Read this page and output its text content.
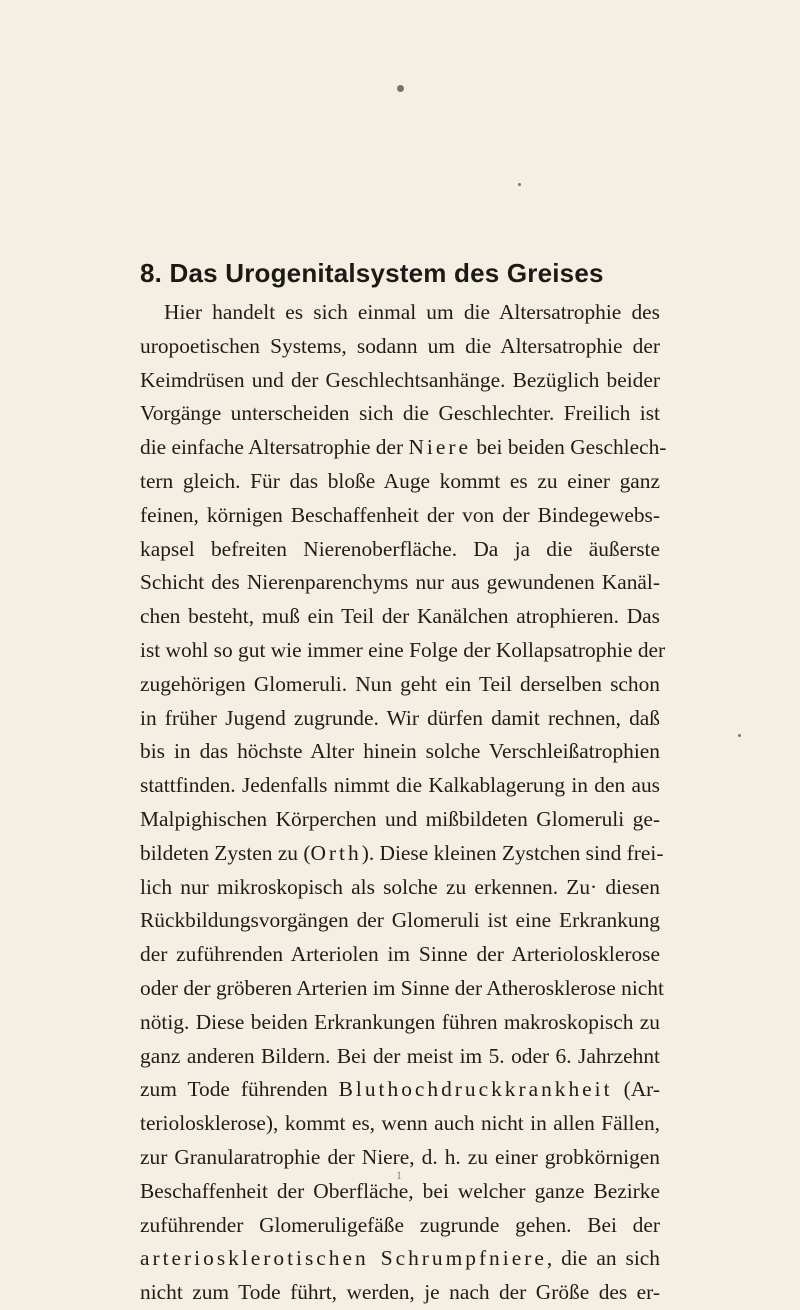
8. Das Urogenitalsystem des Greises
Hier handelt es sich einmal um die Altersatrophie des
uropoetischen Systems, sodann um die Altersatrophie der
Keimdrüsen und der Geschlechtsanhänge. Bezüglich beider
Vorgänge unterscheiden sich die Geschlechter. Freilich ist
die einfache Altersatrophie der Niere bei beiden Geschlech-
tern gleich. Für das bloße Auge kommt es zu einer ganz
feinen, körnigen Beschaffenheit der von der Bindegewebs-
kapsel befreiten Nierenoberfläche. Da ja die äußerste
Schicht des Nierenparenchyms nur aus gewundenen Kanäl-
chen besteht, muß ein Teil der Kanälchen atrophieren. Das
ist wohl so gut wie immer eine Folge der Kollapsatrophie der
zugehörigen Glomeruli. Nun geht ein Teil derselben schon
in früher Jugend zugrunde. Wir dürfen damit rechnen, daß
bis in das höchste Alter hinein solche Verschleißatrophien
stattfinden. Jedenfalls nimmt die Kalkablagerung in den aus
Malpighischen Körperchen und mißbildeten Glomeruli ge-
bildeten Zysten zu (Orth). Diese kleinen Zystchen sind frei-
lich nur mikroskopisch als solche zu erkennen. Zu· diesen
Rückbildungsvorgängen der Glomeruli ist eine Erkrankung
der zuführenden Arteriolen im Sinne der Arteriolosklerose
oder der gröberen Arterien im Sinne der Atherosklerose nicht
nötig. Diese beiden Erkrankungen führen makroskopisch zu
ganz anderen Bildern. Bei der meist im 5. oder 6. Jahrzehnt
zum Tode führenden Bluthochdruckkrankheit (Ar-
teriolosklerose), kommt es, wenn auch nicht in allen Fällen,
zur Granularatrophie der Niere, d. h. zu einer grobkörnigen
Beschaffenheit der Oberfläche, bei welcher ganze Bezirke
zuführender Glomeruligefäße zugrunde gehen. Bei der
arteriosklerotischen Schrumpfniere, die an sich
nicht zum Tode führt, werden, je nach der Größe des er-
1
